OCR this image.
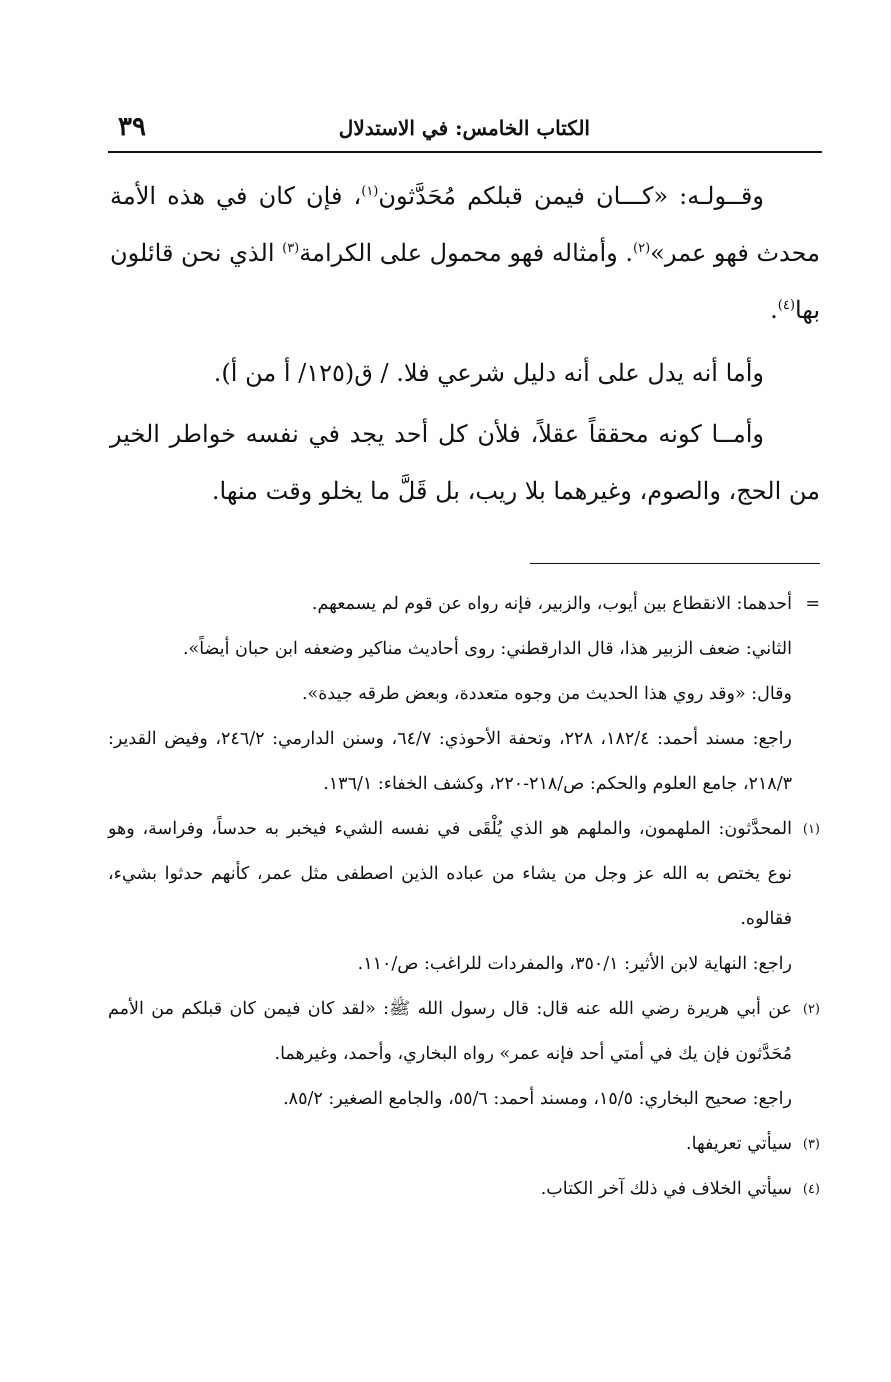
الكتاب الخامس: في الاستدلال
٣٩

وقــولـه: «كـــان فيمن قبلكم مُحَدَّثون$^{(١)}$، فإن كان في هذه الأمة محدث فهو عمر»$^{(٢)}$. وأمثاله فهو محمول على الكرامة$^{(٣)}$ الذي نحن قائلون بها$^{(٤)}$.

وأما أنه يدل على أنه دليل شرعي فلا. / ق(١٢٥/ أ من أ).

وأمــا كونه محققاً عقلاً، فلأن كل أحد يجد في نفسه خواطر الخير من الحج، والصوم، وغيرهما بلا ريب، بل قَلَّ ما يخلو وقت منها.

=

أحدهما: الانقطاع بين أيوب، والزبير، فإنه رواه عن قوم لم يسمعهم.

الثاني: ضعف الزبير هذا، قال الدارقطني: روى أحاديث مناكير وضعفه ابن حبان أيضاً».

وقال: «وقد روي هذا الحديث من وجوه متعددة، وبعض طرقه جيدة».

راجع: مسند أحمد: ١٨٢/٤، ٢٢٨، وتحفة الأحوذي: ٦٤/٧، وسنن الدارمي: ٢٤٦/٢، وفيض القدير: ٢١٨/٣، جامع العلوم والحكم: ص/٢١٨-٢٢٠، وكشف الخفاء: ١٣٦/١.

(١)

المحدَّثون: الملهمون، والملهم هو الذي يُلْقَى في نفسه الشيء فيخبر به حدساً، وفراسة، وهو نوع يختص به الله عز وجل من يشاء من عباده الذين اصطفى مثل عمر، كأنهم حدثوا بشيء، فقالوه.

راجع: النهاية لابن الأثير: ٣٥٠/١، والمفردات للراغب: ص/١١٠.

(٢)

عن أبي هريرة رضي الله عنه قال: قال رسول الله ﷺ: «لقد كان فيمن كان قبلكم من الأمم مُحَدَّثون فإن يك في أمتي أحد فإنه عمر» رواه البخاري، وأحمد، وغيرهما.

راجع: صحيح البخاري: ١٥/٥، ومسند أحمد: ٥٥/٦، والجامع الصغير: ٨٥/٢.

(٣)

سيأتي تعريفها.

(٤)

سيأتي الخلاف في ذلك آخر الكتاب.
